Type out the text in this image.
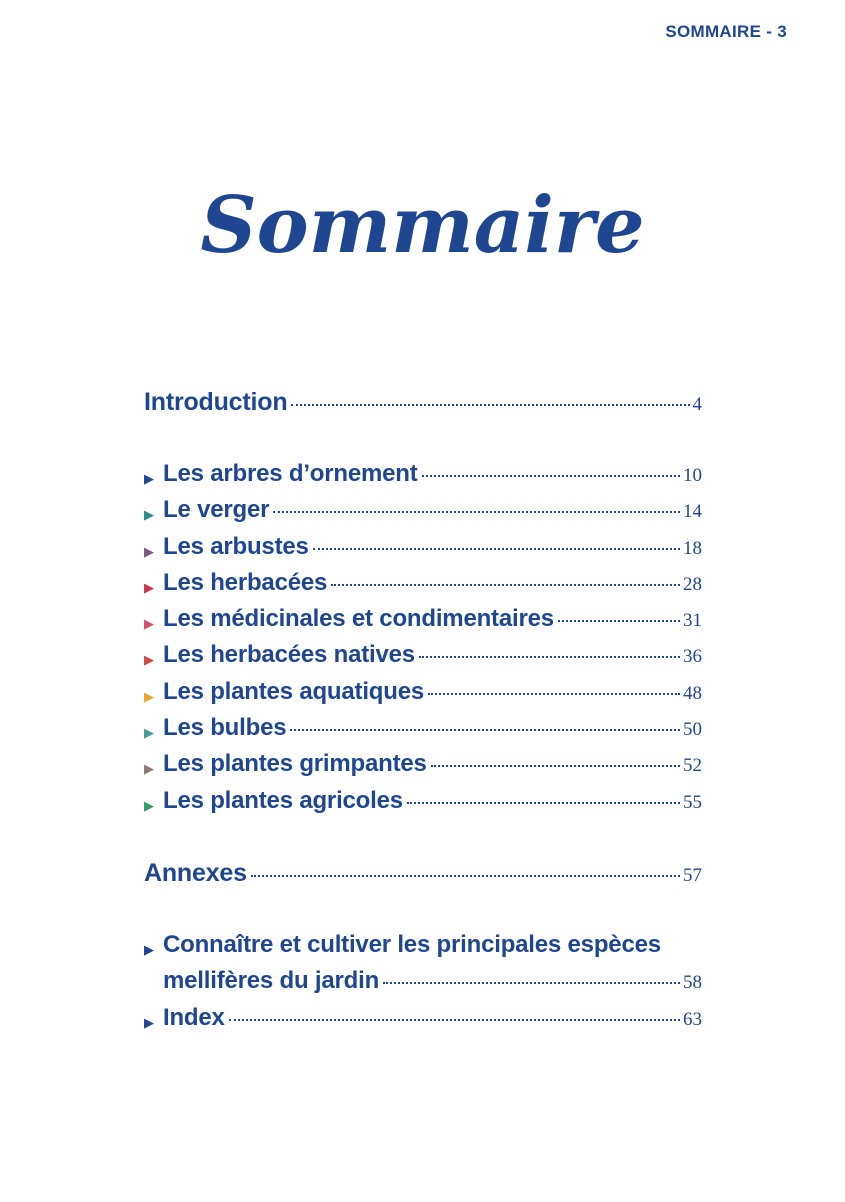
SOMMAIRE - 3
Sommaire
Introduction	4
▶ Les arbres d’ornement	10
▶ Le verger	14
▶ Les arbustes	18
▶ Les herbacées	28
▶ Les médicinales et condimentaires	31
▶ Les herbacées natives	36
▶ Les plantes aquatiques	48
▶ Les bulbes	50
▶ Les plantes grimpantes	52
▶ Les plantes agricoles	55
Annexes	57
▶ Connaître et cultiver les principales espèces
mellifères du jardin	58
▶ Index	63
